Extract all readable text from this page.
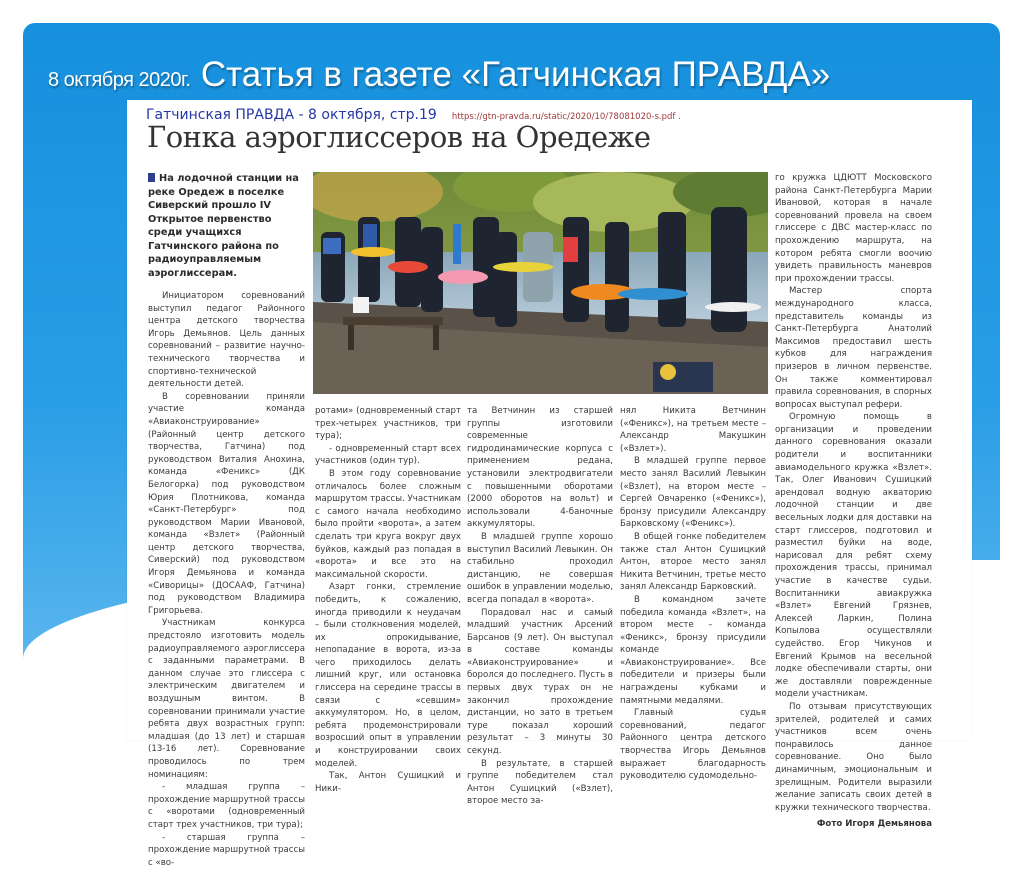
8 октября 2020г. Статья в газете «Гатчинская ПРАВДА»
Гатчинская ПРАВДА - 8 октября, стр.19 https://gtn-pravda.ru/static/2020/10/78081020-s.pdf .
Гонка аэроглиссеров на Оредеже
На лодочной станции на реке Оредеж в поселке Сиверский прошло IV Открытое первенство среди учащихся Гатчинского района по радиоуправляемым аэроглиссерам.

Инициатором соревнований выступил педагог Районного центра детского творчества Игорь Демьянов. Цель данных соревнований – развитие научно-технического творчества и спортивно-технической деятельности детей.

В соревновании приняли участие команда «Авиаконструирование» (Районный центр детского творчества, Гатчина) под руководством Виталия Анохина, команда «Феникс» (ДК Белогорка) под руководством Юрия Плотникова, команда «Санкт-Петербург» под руководством Марии Ивановой, команда «Взлет» (Районный центр детского творчества, Сиверский) под руководством Игоря Демьянова и команда «Сиворицы» (ДОСААФ, Гатчина) под руководством Владимира Григорьева.

Участникам конкурса предстояло изготовить модель радиоуправляемого аэроглиссера с заданными параметрами. В данном случае это глиссера с электрическим двигателем и воздушным винтом. В соревновании принимали участие ребята двух возрастных групп: младшая (до 13 лет) и старшая (13-16 лет). Соревнование проводилось по трем номинациям:

- младшая группа – прохождение маршрутной трассы с «воротами (одновременный старт трех участников, три тура);

- старшая группа – прохождение маршрутной трассы с «во-

ротами» (одновременный старт трех-четырех участников, три тура);

- одновременный старт всех участников (один тур).

В этом году соревнование отличалось более сложным маршрутом трассы. Участникам с самого начала необходимо было пройти «ворота», а затем сделать три круга вокруг двух буйков, каждый раз попадая в «ворота» и все это на максимальной скорости.

Азарт гонки, стремление победить, к сожалению, иногда приводили к неудачам – были столкновения моделей, их опрокидывание, непопадание в ворота, из-за чего приходилось делать лишний круг, или остановка глиссера на середине трассы в связи с «севшим» аккумулятором. Но, в целом, ребята продемонстрировали возросший опыт в управлении и конструировании своих моделей.

Так, Антон Сушицкий и Ники-

та Ветчинин из старшей группы изготовили современные гидродинамические корпуса с применением редана, установили электродвигатели с повышенными оборотами (2000 оборотов на вольт) и использовали 4-баночные аккумуляторы.

В младшей группе хорошо выступил Василий Левыкин. Он стабильно проходил дистанцию, не совершая ошибок в управлении моделью, всегда попадал в «ворота».

Порадовал нас и самый младший участник Арсений Барсанов (9 лет). Он выступал в составе команды «Авиаконструирование» и боролся до последнего. Пусть в первых двух турах он не закончил прохождение дистанции, но зато в третьем туре показал хороший результат – 3 минуты 30 секунд.

В результате, в старшей группе победителем стал Антон Сушицкий («Взлет), второе место за-

нял Никита Ветчинин («Феникс»), на третьем месте – Александр Макушкин («Взлет»).

В младшей группе первое место занял Василий Левыкин («Взлет), на втором месте – Сергей Овчаренко («Феникс»), бронзу присудили Александру Барковскому («Феникс»).

В общей гонке победителем также стал Антон Сушицкий Антон, второе место занял Никита Ветчинин, третье место занял Александр Барковский.

В командном зачете победила команда «Взлет», на втором месте – команда «Феникс», бронзу присудили команде «Авиаконструирование». Все победители и призеры были награждены кубками и памятными медалями.

Главный судья соревнований, педагог Районного центра детского творчества Игорь Демьянов выражает благодарность руководителю судомодельно-

го кружка ЦДЮТТ Московского района Санкт-Петербурга Марии Ивановой, которая в начале соревнований провела на своем глиссере с ДВС мастер-класс по прохождению маршрута, на котором ребята смогли воочию увидеть правильность маневров при прохождении трассы.

Мастер спорта международного класса, представитель команды из Санкт-Петербурга Анатолий Максимов предоставил шесть кубков для награждения призеров в личном первенстве. Он также комментировал правила соревнования, в спорных вопросах выступал рефери.

Огромную помощь в организации и проведении данного соревнования оказали родители и воспитанники авиамодельного кружка «Взлет». Так, Олег Иванович Сушицкий арендовал водную акваторию лодочной станции и две весельных лодки для доставки на старт глиссеров, подготовил и разместил буйки на воде, нарисовал для ребят схему прохождения трассы, принимал участие в качестве судьи. Воспитанники авиакружка «Взлет» Евгений Грязнев, Алексей Ларкин, Полина Копылова осуществляли судейство. Егор Чикунов и Евгений Крымов на весельной лодке обеспечивали старты, они же доставляли поврежденные модели участникам.

По отзывам присутствующих зрителей, родителей и самих участников всем очень понравилось данное соревнование. Оно было динамичным, эмоциональным и зрелищным. Родители выразили желание записать своих детей в кружки технического творчества.

Фото Игоря Демьянова
